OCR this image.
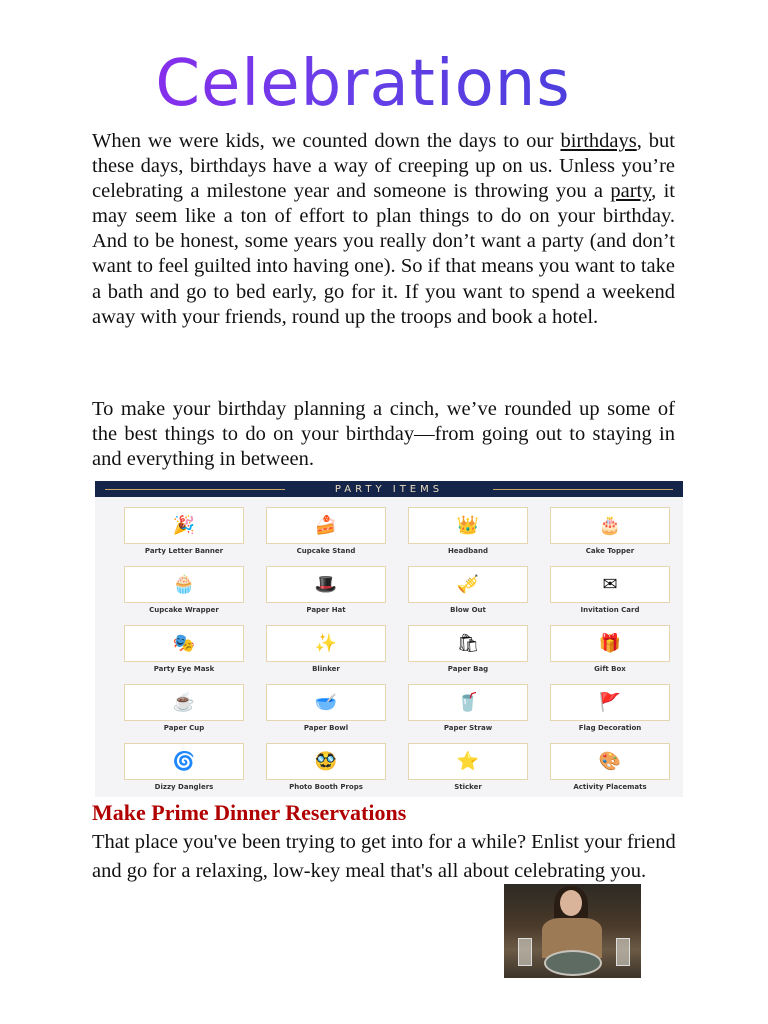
Celebrations

When we were kids, we counted down the days to our birthdays, but these days, birthdays have a way of creeping up on us. Unless you’re celebrating a milestone year and someone is throwing you a party, it may seem like a ton of effort to plan things to do on your birthday. And to be honest, some years you really don’t want a party (and don’t want to feel guilted into having one). So if that means you want to take a bath and go to bed early, go for it. If you want to spend a weekend away with your friends, round up the troops and book a hotel.

To make your birthday planning a cinch, we’ve rounded up some of the best things to do on your birthday—from going out to staying in and everything in between.

PARTY ITEMS
🎉
Party Letter Banner
🍰
Cupcake Stand
👑
Headband
🎂
Cake Topper
🧁
Cupcake Wrapper
🎩
Paper Hat
🎺
Blow Out
✉
Invitation Card
🎭
Party Eye Mask
✨
Blinker
🛍
Paper Bag
🎁
Gift Box
☕
Paper Cup
🥣
Paper Bowl
🥤
Paper Straw
🚩
Flag Decoration
🌀
Dizzy Danglers
🥸
Photo Booth Props
⭐
Sticker
🎨
Activity Placemats
Make Prime Dinner Reservations

That place you've been trying to get into for a while? Enlist your friend and go for a relaxing, low-key meal that's all about celebrating you.
